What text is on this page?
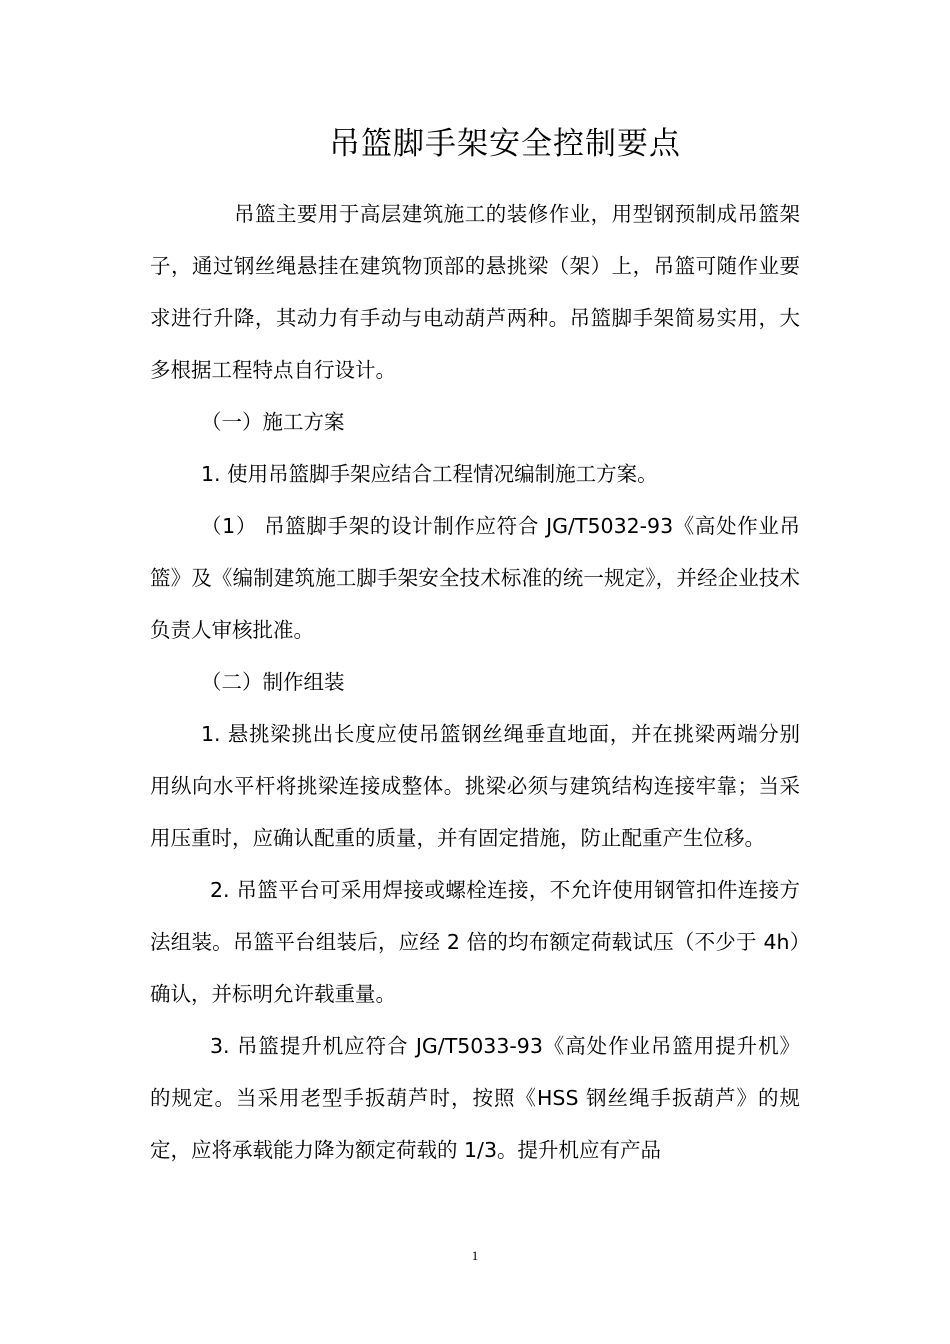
吊篮脚手架安全控制要点

吊篮主要用于高层建筑施工的装修作业，用型钢预制成吊篮架子，通过钢丝绳悬挂在建筑物顶部的悬挑梁（架）上，吊篮可随作业要求进行升降，其动力有手动与电动葫芦两种。吊篮脚手架简易实用，大多根据工程特点自行设计。

（一）施工方案

1. 使用吊篮脚手架应结合工程情况编制施工方案。

（1） 吊篮脚手架的设计制作应符合 JG/T5032-93《高处作业吊篮》及《编制建筑施工脚手架安全技术标准的统一规定》，并经企业技术负责人审核批准。

（二）制作组装

1. 悬挑梁挑出长度应使吊篮钢丝绳垂直地面，并在挑梁两端分别用纵向水平杆将挑梁连接成整体。挑梁必须与建筑结构连接牢靠；当采用压重时，应确认配重的质量，并有固定措施，防止配重产生位移。

2. 吊篮平台可采用焊接或螺栓连接，不允许使用钢管扣件连接方法组装。吊篮平台组装后，应经 2 倍的均布额定荷载试压（不少于 4h）确认，并标明允许载重量。

3. 吊篮提升机应符合 JG/T5033-93《高处作业吊篮用提升机》的规定。当采用老型手扳葫芦时，按照《HSS 钢丝绳手扳葫芦》的规定，应将承载能力降为额定荷载的 1/3。提升机应有产品

1
